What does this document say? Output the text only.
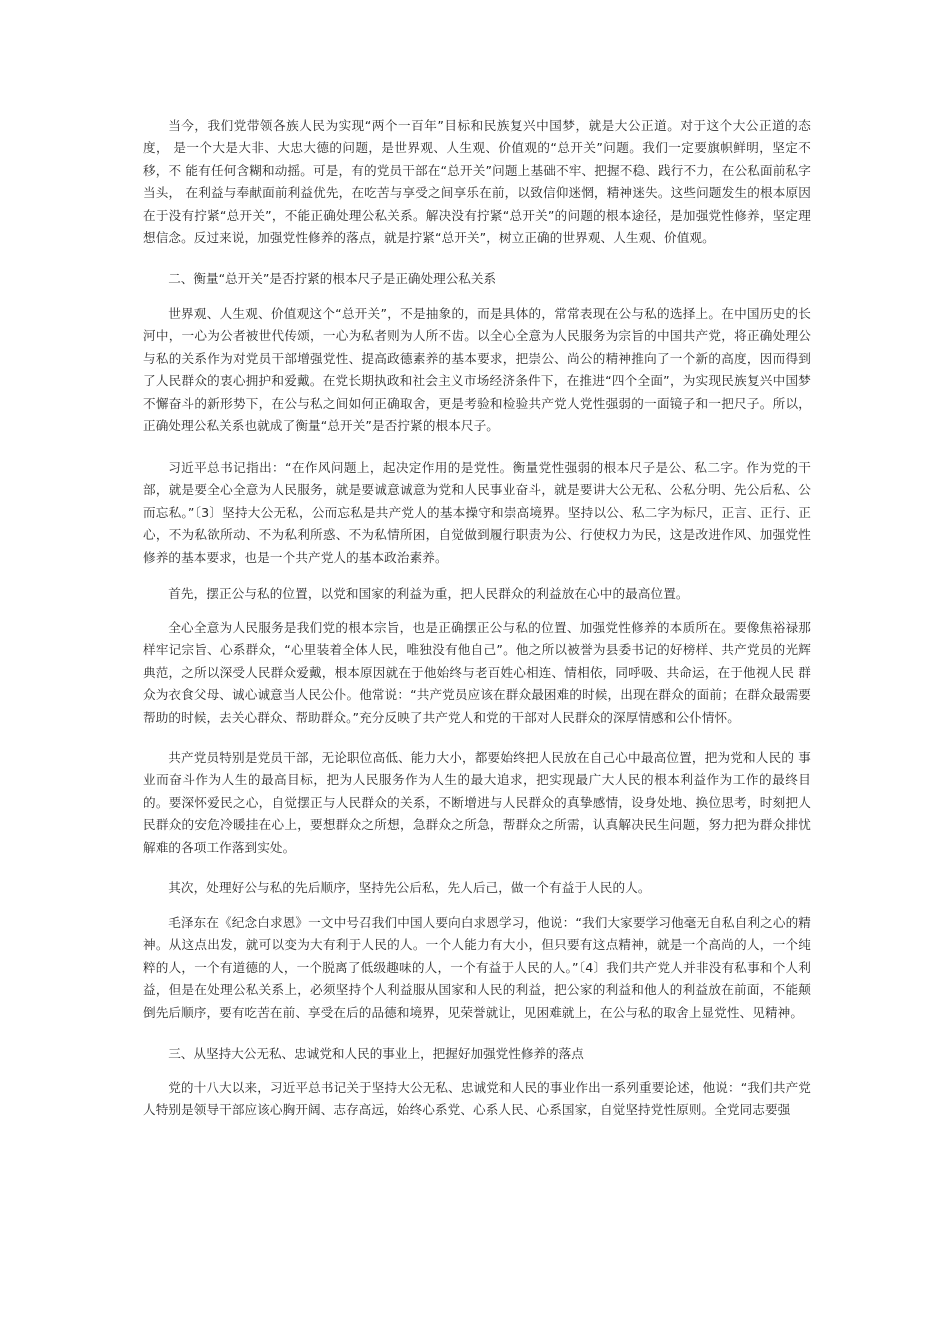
当今，我们党带领各族人民为实现“两个一百年”目标和民族复兴中国梦，就是大公正道。对于这个大公正道的态度， 是一个大是大非、大忠大德的问题，是世界观、人生观、价值观的“总开关”问题。我们一定要旗帜鲜明，坚定不移，不 能有任何含糊和动摇。可是，有的党员干部在“总开关”问题上基础不牢、把握不稳、践行不力，在公私面前私字当头， 在利益与奉献面前利益优先，在吃苦与享受之间享乐在前，以致信仰迷惘，精神迷失。这些问题发生的根本原因在于没有拧紧“总开关”，不能正确处理公私关系。解决没有拧紧“总开关”的问题的根本途径，是加强党性修养，坚定理想信念。反过来说，加强党性修养的落点，就是拧紧“总开关”，树立正确的世界观、人生观、价值观。

二、衡量“总开关”是否拧紧的根本尺子是正确处理公私关系

世界观、人生观、价值观这个“总开关”，不是抽象的，而是具体的，常常表现在公与私的选择上。在中国历史的长河中，一心为公者被世代传颂，一心为私者则为人所不齿。以全心全意为人民服务为宗旨的中国共产党，将正确处理公与私的关系作为对党员干部增强党性、提高政德素养的基本要求，把崇公、尚公的精神推向了一个新的高度，因而得到了人民群众的衷心拥护和爱戴。在党长期执政和社会主义市场经济条件下，在推进“四个全面”，为实现民族复兴中国梦不懈奋斗的新形势下，在公与私之间如何正确取舍，更是考验和检验共产党人党性强弱的一面镜子和一把尺子。所以， 正确处理公私关系也就成了衡量“总开关”是否拧紧的根本尺子。

习近平总书记指出：“在作风问题上，起决定作用的是党性。衡量党性强弱的根本尺子是公、私二字。作为党的干部，就是要全心全意为人民服务，就是要诚意诚意为党和人民事业奋斗，就是要讲大公无私、公私分明、先公后私、公而忘私。”〔3〕坚持大公无私，公而忘私是共产党人的基本操守和崇高境界。坚持以公、私二字为标尺，正言、正行、正心，不为私欲所动、不为私利所惑、不为私情所困，自觉做到履行职责为公、行使权力为民，这是改进作风、加强党性修养的基本要求，也是一个共产党人的基本政治素养。

首先，摆正公与私的位置，以党和国家的利益为重，把人民群众的利益放在心中的最高位置。

全心全意为人民服务是我们党的根本宗旨，也是正确摆正公与私的位置、加强党性修养的本质所在。要像焦裕禄那样牢记宗旨、心系群众，“心里装着全体人民，唯独没有他自己”。他之所以被誉为县委书记的好榜样、共产党员的光辉典范，之所以深受人民群众爱戴，根本原因就在于他始终与老百姓心相连、情相依，同呼吸、共命运，在于他视人民 群众为衣食父母、诚心诚意当人民公仆。他常说：“共产党员应该在群众最困难的时候，出现在群众的面前；在群众最需要帮助的时候，去关心群众、帮助群众。”充分反映了共产党人和党的干部对人民群众的深厚情感和公仆情怀。

共产党员特别是党员干部，无论职位高低、能力大小，都要始终把人民放在自己心中最高位置，把为党和人民的 事业而奋斗作为人生的最高目标，把为人民服务作为人生的最大追求，把实现最广大人民的根本利益作为工作的最终目的。要深怀爱民之心，自觉摆正与人民群众的关系，不断增进与人民群众的真挚感情，设身处地、换位思考，时刻把人民群众的安危冷暖挂在心上，要想群众之所想，急群众之所急，帮群众之所需，认真解决民生问题，努力把为群众排忧 解难的各项工作落到实处。

其次，处理好公与私的先后顺序，坚持先公后私，先人后己，做一个有益于人民的人。

毛泽东在《纪念白求恩》一文中号召我们中国人要向白求恩学习，他说：“我们大家要学习他毫无自私自利之心的精神。从这点出发，就可以变为大有利于人民的人。一个人能力有大小，但只要有这点精神，就是一个高尚的人，一个纯粹的人，一个有道德的人，一个脱离了低级趣味的人，一个有益于人民的人。”〔4〕我们共产党人并非没有私事和个人利益，但是在处理公私关系上，必须坚持个人利益服从国家和人民的利益，把公家的利益和他人的利益放在前面，不能颠倒先后顺序，要有吃苦在前、享受在后的品德和境界，见荣誉就让，见困难就上，在公与私的取舍上显党性、见精神。

三、从坚持大公无私、忠诚党和人民的事业上，把握好加强党性修养的落点

党的十八大以来，习近平总书记关于坚持大公无私、忠诚党和人民的事业作出一系列重要论述，他说：“我们共产党人特别是领导干部应该心胸开阔、志存高远，始终心系党、心系人民、心系国家，自觉坚持党性原则。全党同志要强
